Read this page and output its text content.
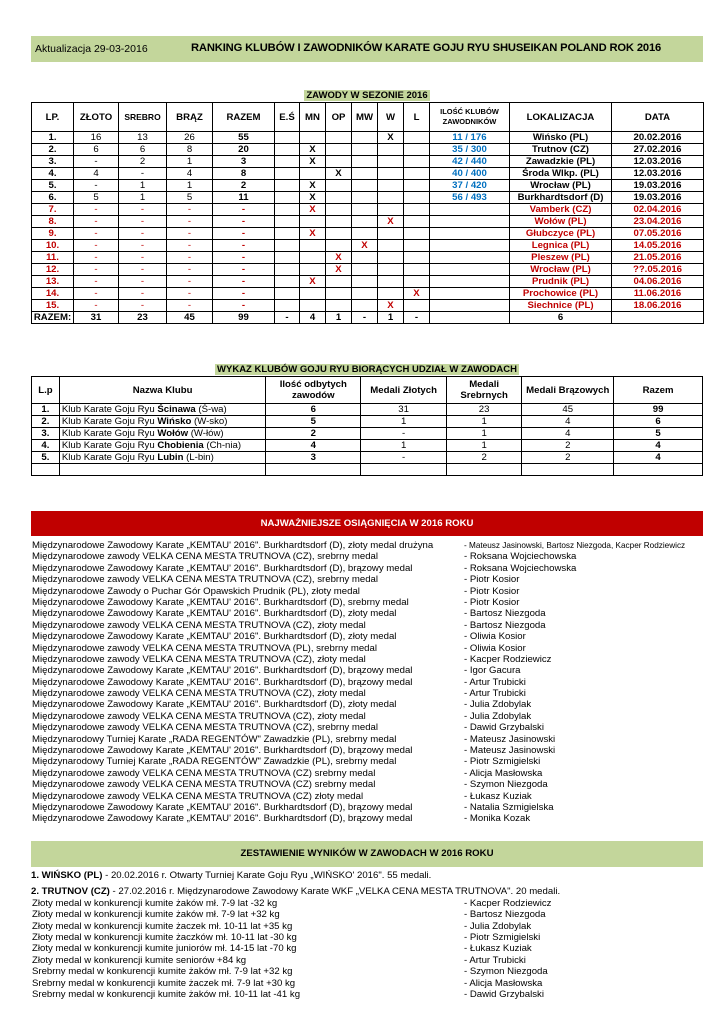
Aktualizacja 29-03-2016	RANKING KLUBÓW I ZAWODNIKÓW KARATE GOJU RYU SHUSEIKAN POLAND ROK 2016
ZAWODY W SEZONIE 2016
LP.	ZŁOTO	SREBRO	BRĄZ	RAZEM	E.Ś	MN	OP	MW	W	L	ILOŚĆ KLUBÓW ZAWODNIKÓW	LOKALIZACJA	DATA
1.	16	13	26	55					X		11 / 176	Wińsko (PL)	20.02.2016
2.	6	6	8	20		X					35 / 300	Trutnov (CZ)	27.02.2016
3.	-	2	1	3		X					42 / 440	Zawadzkie (PL)	12.03.2016
4.	4	-	4	8			X				40 / 400	Środa Wlkp. (PL)	12.03.2016
5.	-	1	1	2		X					37 / 420	Wrocław (PL)	19.03.2016
6.	5	1	5	11		X					56 / 493	Burkhardtsdorf (D)	19.03.2016
7.	-	-	-	-		X						Vamberk (CZ)	02.04.2016
8.	-	-	-	-					X			Wołów (PL)	23.04.2016
9.	-	-	-	-		X						Głubczyce (PL)	07.05.2016
10.	-	-	-	-				X				Legnica (PL)	14.05.2016
11.	-	-	-	-			X					Pleszew (PL)	21.05.2016
12.	-	-	-	-			X					Wrocław (PL)	??.05.2016
13.	-	-	-	-		X						Prudnik (PL)	04.06.2016
14.	-	-	-	-						X		Prochowice (PL)	11.06.2016
15.	-	-	-	-					X			Siechnice (PL)	18.06.2016
RAZEM:	31	23	45	99	-	4	1	-	1	-		6	
WYKAZ KLUBÓW GOJU RYU BIORĄCYCH UDZIAŁ W ZAWODACH
L.p	Nazwa Klubu	Ilość odbytych zawodów	Medali Złotych	Medali Srebrnych	Medali Brązowych	Razem
1.	Klub Karate Goju Ryu Ścinawa (Ś-wa)	6	31	23	45	99
2.	Klub Karate Goju Ryu Wińsko (W-sko)	5	1	1	4	6
3.	Klub Karate Goju Ryu Wołów (W-łów)	2	-	1	4	5
4.	Klub Karate Goju Ryu Chobienia (Ch-nia)	4	1	1	2	4
5.	Klub Karate Goju Ryu Lubin (L-bin)	3	-	2	2	4

NAJWAŻNIEJSZE OSIĄGNIĘCIA W 2016 ROKU
Międzynarodowe Zawodowy Karate „KEMTAU' 2016". Burkhardtsdorf (D), złoty medal drużyna	- Mateusz Jasinowski, Bartosz Niezgoda, Kacper Rodziewicz
Międzynarodowe zawody VELKA CENA MESTA TRUTNOVA (CZ), srebrny medal	- Roksana Wojciechowska
Międzynarodowe Zawodowy Karate „KEMTAU' 2016". Burkhardtsdorf (D), brązowy medal	- Roksana Wojciechowska
Międzynarodowe zawody VELKA CENA MESTA TRUTNOVA (CZ), srebrny medal	- Piotr Kosior
Międzynarodowe Zawody o Puchar Gór Opawskich Prudnik (PL), złoty medal	- Piotr Kosior
Międzynarodowe Zawodowy Karate „KEMTAU' 2016". Burkhardtsdorf (D), srebrny medal	- Piotr Kosior
Międzynarodowe Zawodowy Karate „KEMTAU' 2016". Burkhardtsdorf (D), złoty medal	- Bartosz Niezgoda
Międzynarodowe zawody VELKA CENA MESTA TRUTNOVA (CZ), złoty medal	- Bartosz Niezgoda
Międzynarodowe Zawodowy Karate „KEMTAU' 2016". Burkhardtsdorf (D), złoty medal	- Oliwia Kosior
Międzynarodowe zawody VELKA CENA MESTA TRUTNOVA (PL), srebrny medal	- Oliwia Kosior
Międzynarodowe zawody VELKA CENA MESTA TRUTNOVA (CZ), złoty medal	- Kacper Rodziewicz
Międzynarodowe Zawodowy Karate „KEMTAU' 2016". Burkhardtsdorf (D), brązowy medal	- Igor Gacura
Międzynarodowe Zawodowy Karate „KEMTAU' 2016". Burkhardtsdorf (D), brązowy medal	- Artur Trubicki
Międzynarodowe zawody VELKA CENA MESTA TRUTNOVA (CZ), złoty medal	- Artur Trubicki
Międzynarodowe Zawodowy Karate „KEMTAU' 2016". Burkhardtsdorf (D), złoty medal	- Julia Zdobylak
Międzynarodowe zawody VELKA CENA MESTA TRUTNOVA (CZ), złoty medal	- Julia Zdobylak
Międzynarodowe zawody VELKA CENA MESTA TRUTNOVA (CZ), srebrny medal	- Dawid Grzybalski
Międzynarodowy Turniej Karate „RADA REGENTÓW" Zawadzkie (PL), srebrny medal	- Mateusz Jasinowski
Międzynarodowe Zawodowy Karate „KEMTAU' 2016". Burkhardtsdorf (D), brązowy medal	- Mateusz Jasinowski
Międzynarodowy Turniej Karate „RADA REGENTÓW" Zawadzkie (PL), srebrny medal	- Piotr Szmigielski
Międzynarodowe zawody VELKA CENA MESTA TRUTNOVA (CZ) srebrny medal	- Alicja Masłowska
Międzynarodowe zawody VELKA CENA MESTA TRUTNOVA (CZ) srebrny medal	- Szymon Niezgoda
Międzynarodowe zawody VELKA CENA MESTA TRUTNOVA (CZ) złoty medal	- Łukasz Kuziak
Międzynarodowe Zawodowy Karate „KEMTAU' 2016". Burkhardtsdorf (D), brązowy medal	- Natalia Szmigielska
Międzynarodowe Zawodowy Karate „KEMTAU' 2016". Burkhardtsdorf (D), brązowy medal	- Monika Kozak
ZESTAWIENIE WYNIKÓW W ZAWODACH W 2016 ROKU
1. WIŃSKO (PL) - 20.02.2016 r. Otwarty Turniej Karate Goju Ryu „WIŃSKO' 2016". 55 medali.
2. TRUTNOV (CZ) - 27.02.2016 r. Międzynarodowe Zawodowy Karate WKF „VELKA CENA MESTA TRUTNOVA". 20 medali.
Złoty medal w konkurencji kumite żaków mł. 7-9 lat -32 kg	- Kacper Rodziewicz
Złoty medal w konkurencji kumite żaków mł. 7-9 lat +32 kg	- Bartosz Niezgoda
Złoty medal w konkurencji kumite żaczek mł. 10-11 lat +35 kg	- Julia Zdobylak
Złoty medal w konkurencji kumite żaczków mł. 10-11 lat -30 kg	- Piotr Szmigielski
Złoty medal w konkurencji kumite juniorów mł. 14-15 lat -70 kg	- Łukasz Kuziak
Złoty medal w konkurencji kumite seniorów +84 kg	- Artur Trubicki
Srebrny medal w konkurencji kumite żaków mł. 7-9 lat +32 kg	- Szymon Niezgoda
Srebrny medal w konkurencji kumite żaczek mł. 7-9 lat +30 kg	- Alicja Masłowska
Srebrny medal w konkurencji kumite żaków mł. 10-11 lat -41 kg	- Dawid Grzybalski
